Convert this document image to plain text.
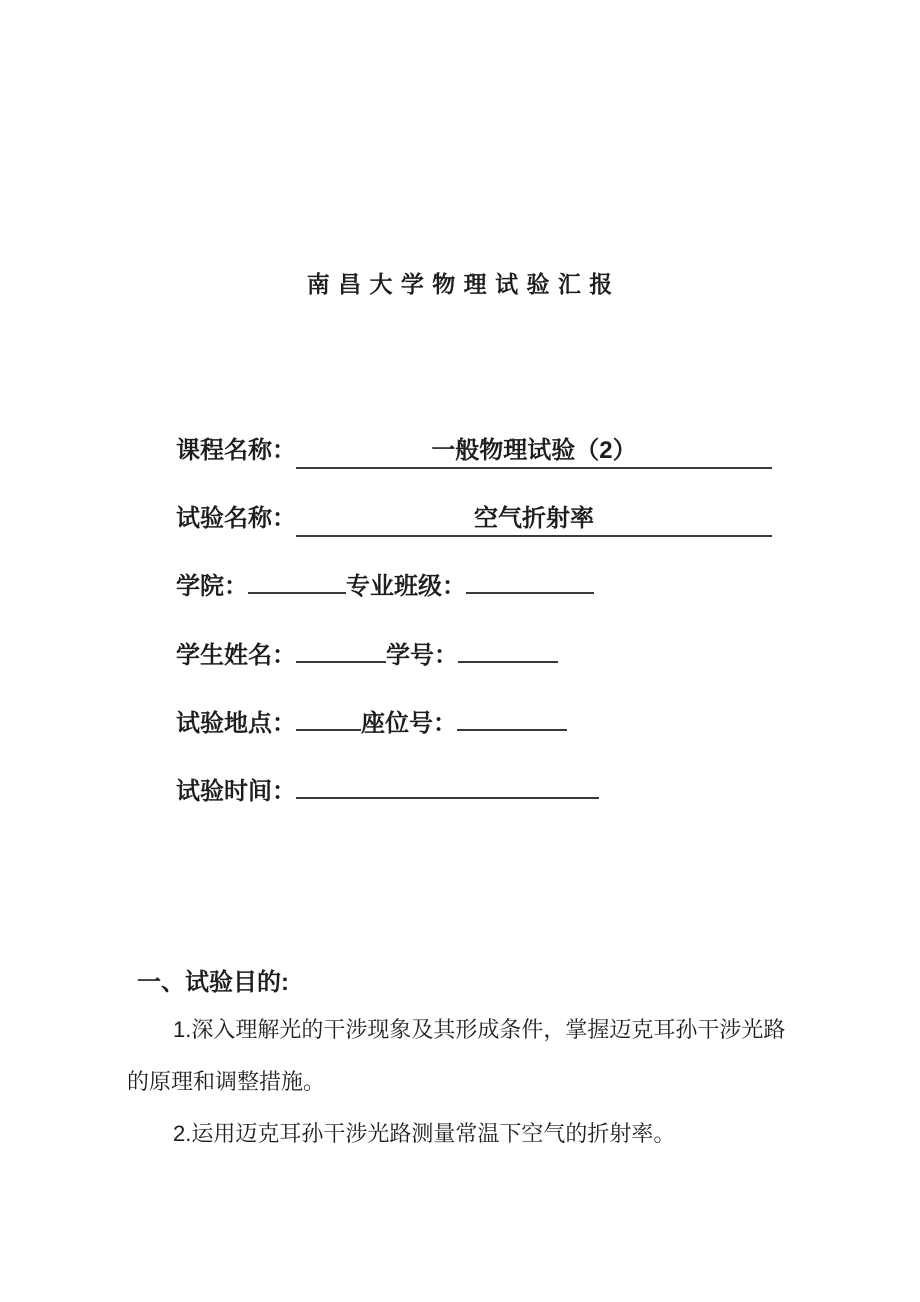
南 昌 大 学 物 理 试 验 汇 报
课程名称：	一般物理试验（2）
试验名称：	空气折射率
学院：	专业班级：
学生姓名：	学号：
试验地点：	座位号：
试验时间：
一、 试验目的:

1.深入理解光的干涉现象及其形成条件，掌握迈克耳孙干涉光路的原理和调整措施。

2.运用迈克耳孙干涉光路测量常温下空气的折射率。
